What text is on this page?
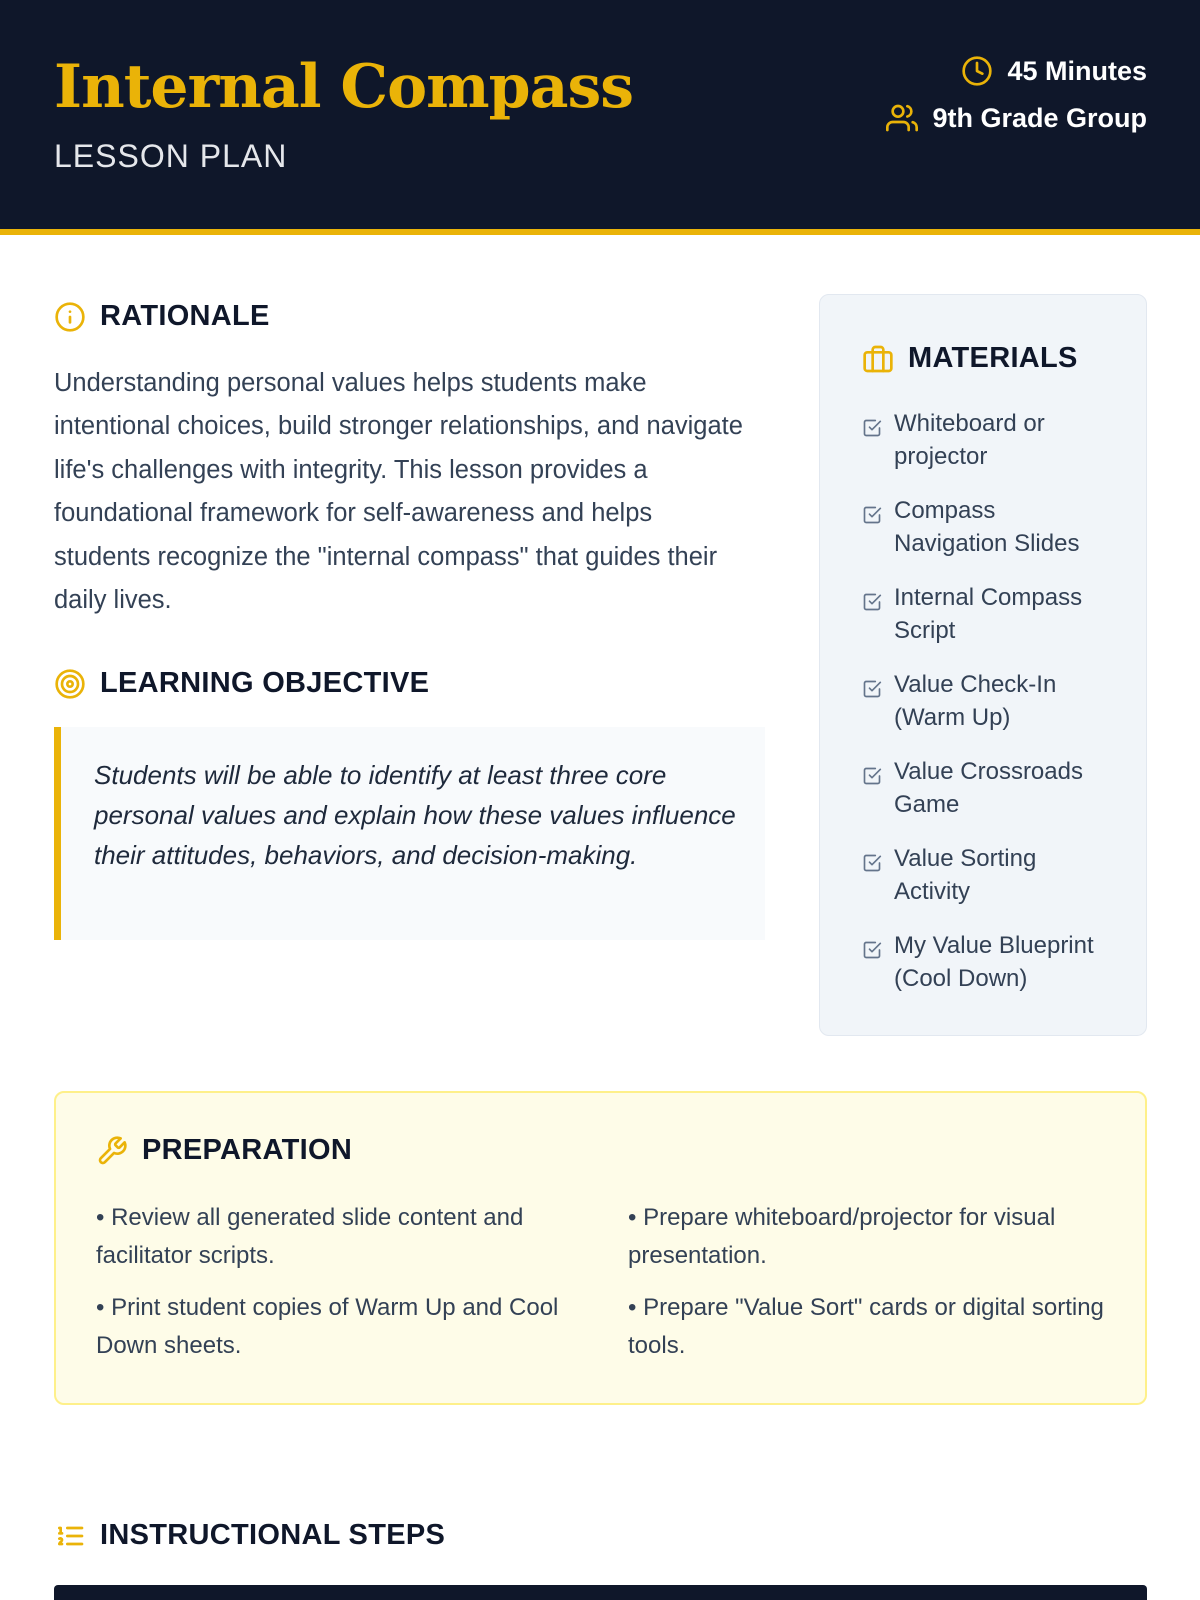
Internal Compass
LESSON PLAN
45 Minutes
9th Grade Group
RATIONALE

Understanding personal values helps students make intentional choices, build stronger relationships, and navigate life's challenges with integrity. This lesson provides a foundational framework for self-awareness and helps students recognize the "internal compass" that guides their daily lives.

LEARNING OBJECTIVE

Students will be able to identify at least three core personal values and explain how these values influence their attitudes, behaviors, and decision-making.

MATERIALS
Whiteboard or projector
Compass Navigation Slides
Internal Compass Script
Value Check-In (Warm Up)
Value Crossroads Game
Value Sorting Activity
My Value Blueprint (Cool Down)
PREPARATION
• Review all generated slide content and facilitator scripts.
• Prepare whiteboard/projector for visual presentation.
• Print student copies of Warm Up and Cool Down sheets.
• Prepare "Value Sort" cards or digital sorting tools.
INSTRUCTIONAL STEPS
